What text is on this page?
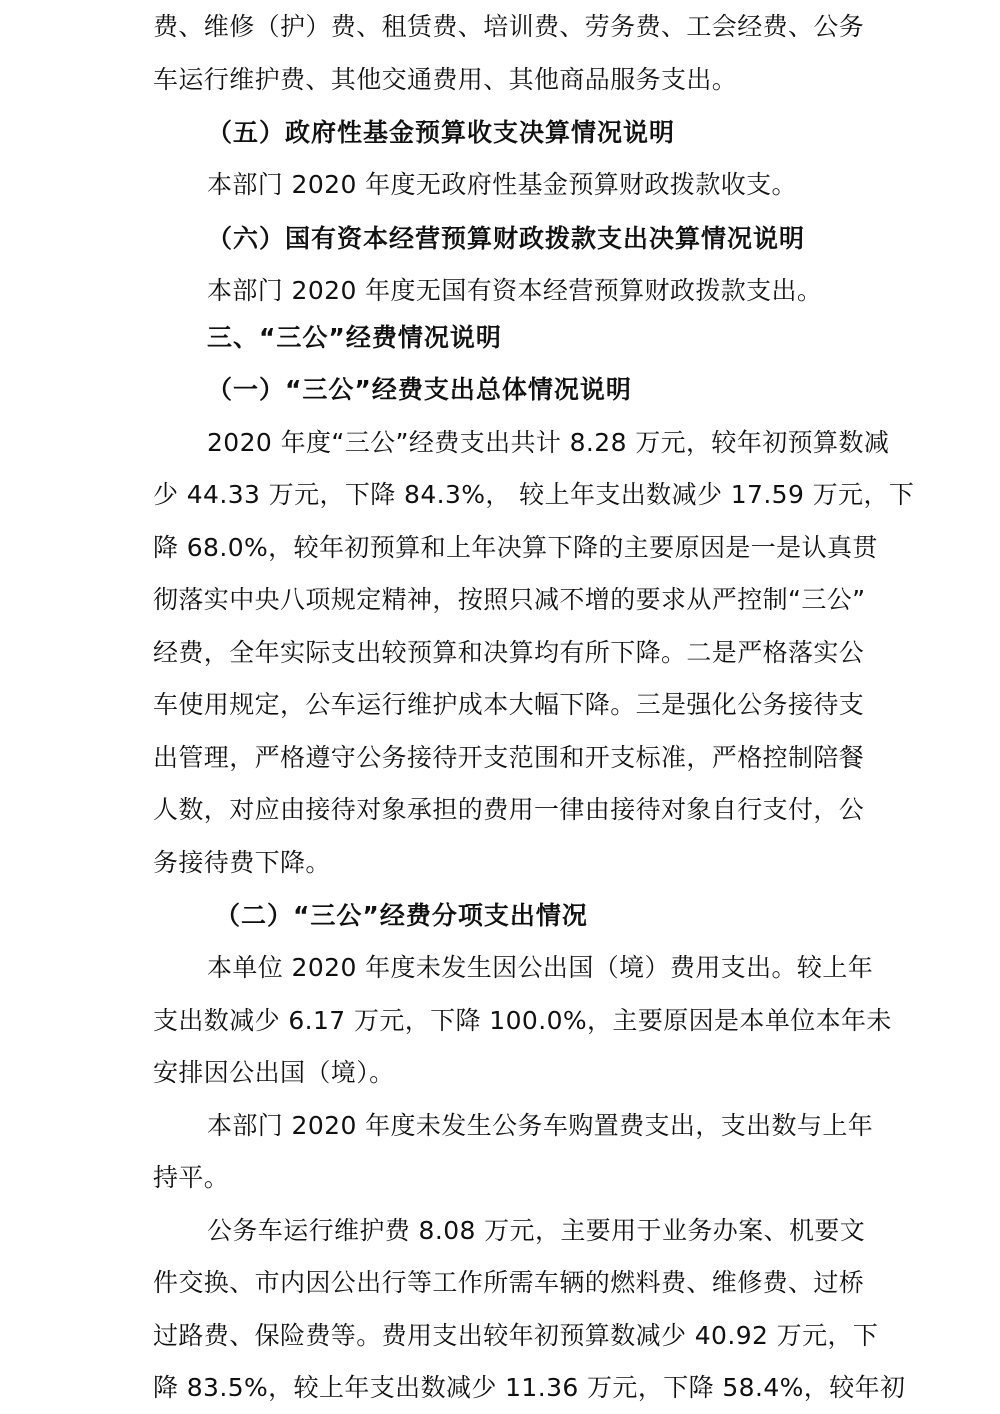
费、维修（护）费、租赁费、培训费、劳务费、工会经费、公务
车运行维护费、其他交通费用、其他商品服务支出。
（五）政府性基金预算收支决算情况说明
本部门 2020 年度无政府性基金预算财政拨款收支。
（六）国有资本经营预算财政拨款支出决算情况说明
本部门 2020 年度无国有资本经营预算财政拨款支出。
三、“三公”经费情况说明
（一）“三公”经费支出总体情况说明
2020 年度“三公”经费支出共计 8.28 万元，较年初预算数减
少 44.33 万元，下降 84.3%， 较上年支出数减少 17.59 万元，下
降 68.0%，较年初预算和上年决算下降的主要原因是一是认真贯
彻落实中央八项规定精神，按照只减不增的要求从严控制“三公”
经费，全年实际支出较预算和决算均有所下降。二是严格落实公
车使用规定，公车运行维护成本大幅下降。三是强化公务接待支
出管理，严格遵守公务接待开支范围和开支标准，严格控制陪餐
人数，对应由接待对象承担的费用一律由接待对象自行支付，公
务接待费下降。
（二）“三公”经费分项支出情况
本单位 2020 年度未发生因公出国（境）费用支出。较上年
支出数减少 6.17 万元，下降 100.0%，主要原因是本单位本年未
安排因公出国（境）。
本部门 2020 年度未发生公务车购置费支出，支出数与上年
持平。
公务车运行维护费 8.08 万元，主要用于业务办案、机要文
件交换、市内因公出行等工作所需车辆的燃料费、维修费、过桥
过路费、保险费等。费用支出较年初预算数减少 40.92 万元，下
降 83.5%，较上年支出数减少 11.36 万元，下降 58.4%，较年初
